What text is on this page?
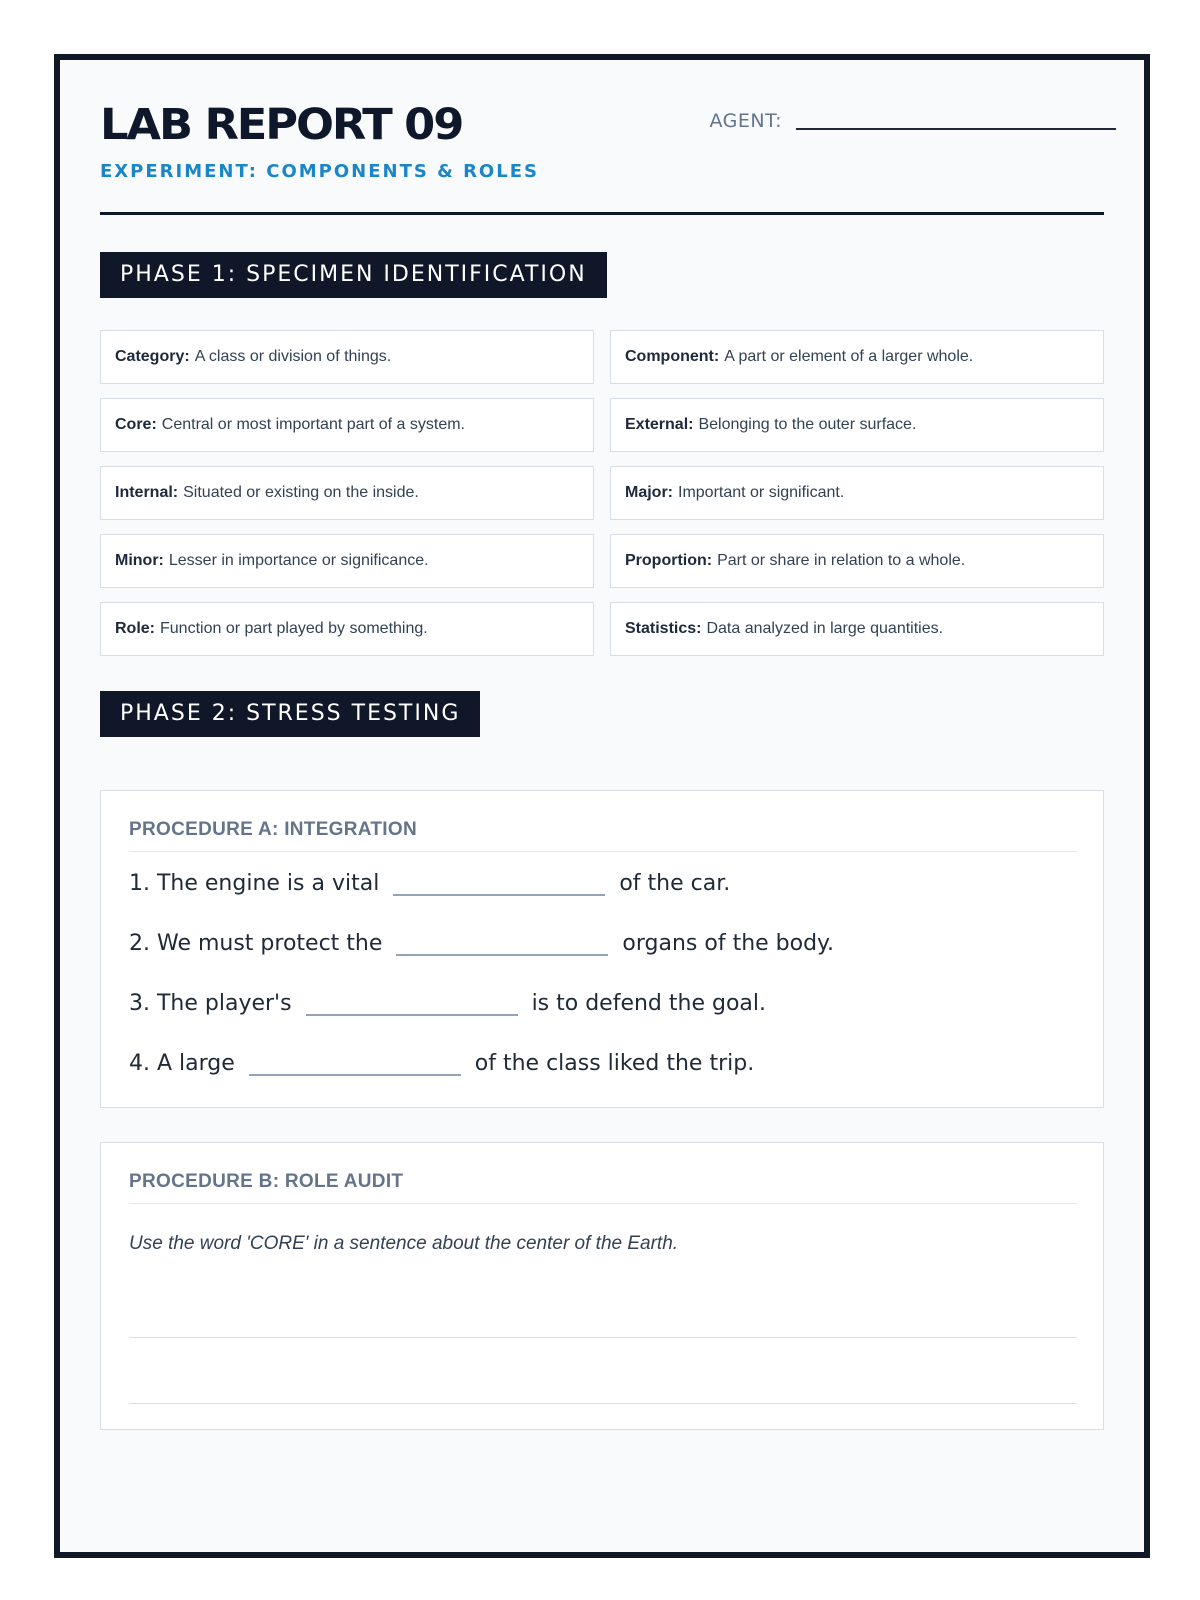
LAB REPORT 09
EXPERIMENT: COMPONENTS & ROLES
AGENT:
PHASE 1: SPECIMEN IDENTIFICATION
Category: A class or division of things.	Component: A part or element of a larger whole.
Core: Central or most important part of a system.	External: Belonging to the outer surface.
Internal: Situated or existing on the inside.	Major: Important or significant.
Minor: Lesser in importance or significance.	Proportion: Part or share in relation to a whole.
Role: Function or part played by something.	Statistics: Data analyzed in large quantities.
PHASE 2: STRESS TESTING
PROCEDURE A: INTEGRATION
1. The engine is a vital	of the car.
2. We must protect the	organs of the body.
3. The player's	is to defend the goal.
4. A large	of the class liked the trip.
PROCEDURE B: ROLE AUDIT
Use the word 'CORE' in a sentence about the center of the Earth.
